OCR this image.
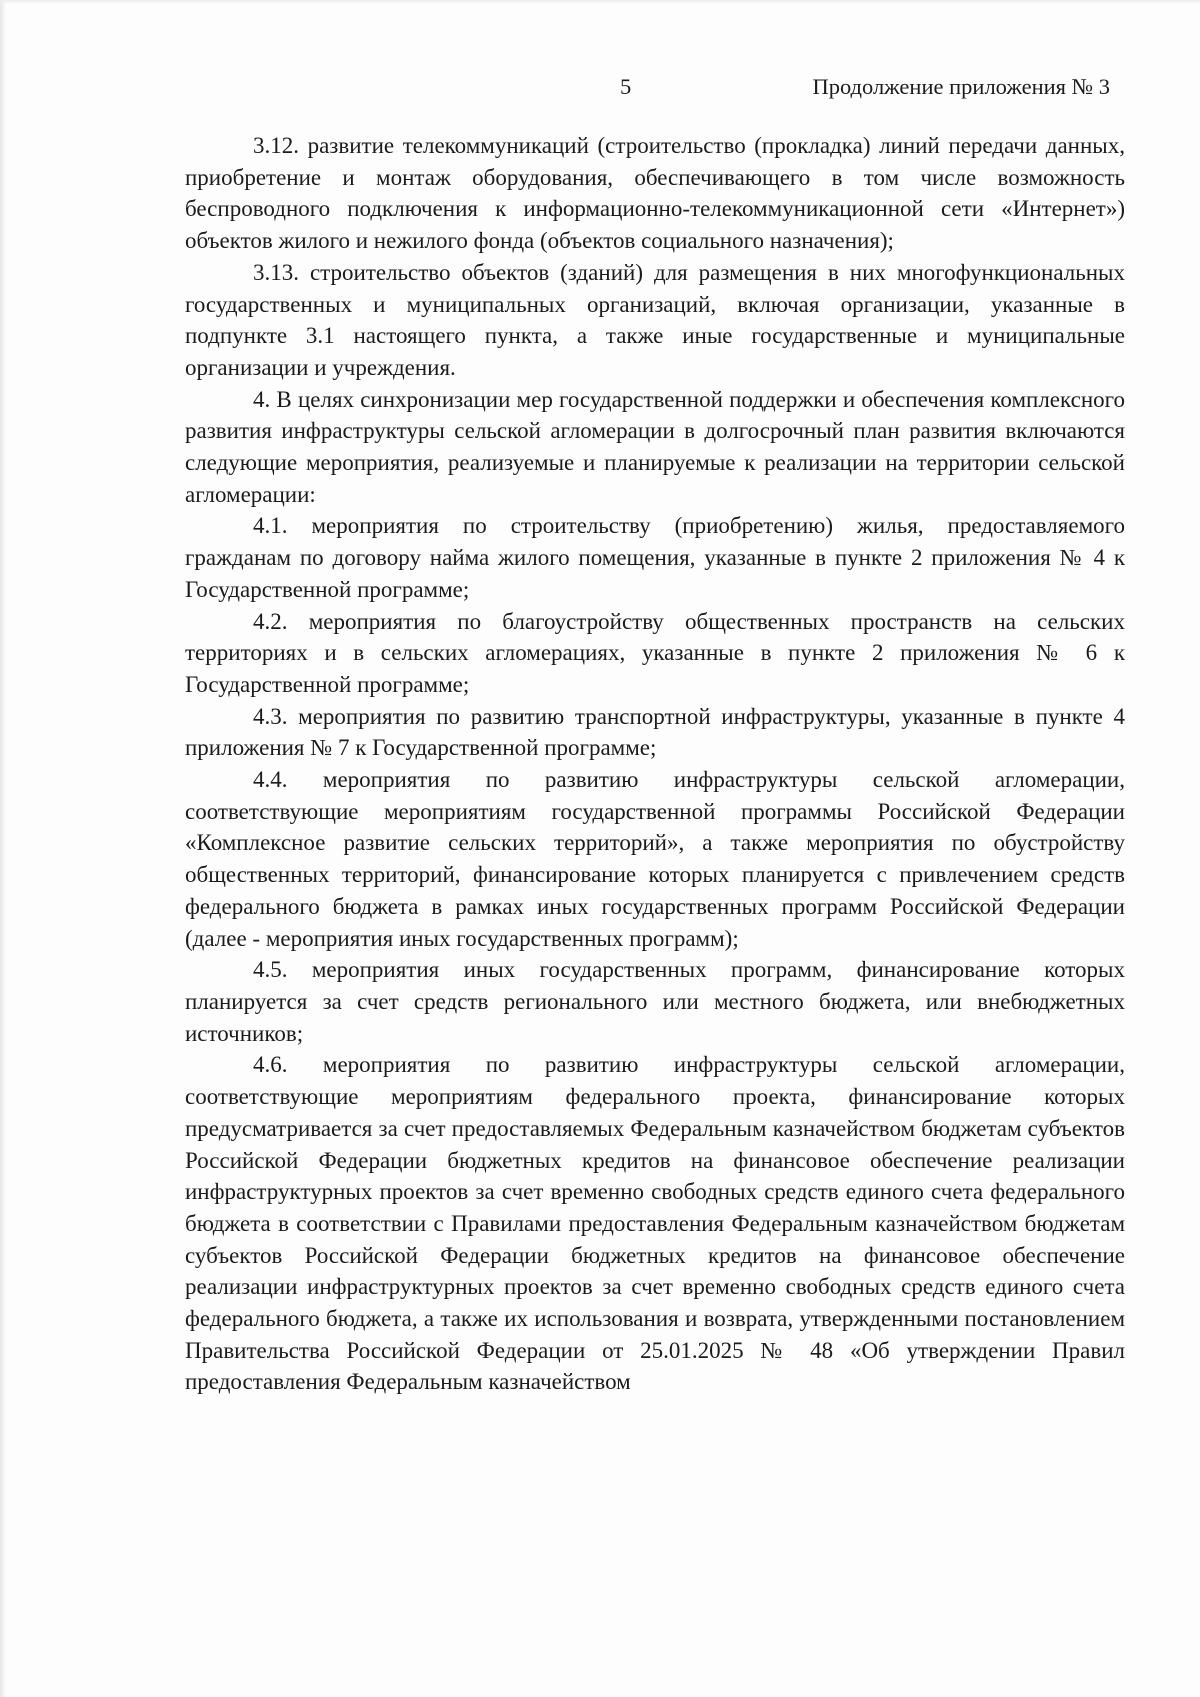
5	Продолжение приложения № 3

3.12. развитие телекоммуникаций (строительство (прокладка) линий передачи данных, приобретение и монтаж оборудования, обеспечивающего в том числе возможность беспроводного подключения к информационно-телекоммуникационной сети «Интернет») объектов жилого и нежилого фонда (объектов социального назначения);

3.13. строительство объектов (зданий) для размещения в них многофункциональных государственных и муниципальных организаций, включая организации, указанные в подпункте 3.1 настоящего пункта, а также иные государственные и муниципальные организации и учреждения.

4. В целях синхронизации мер государственной поддержки и обеспечения комплексного развития инфраструктуры сельской агломерации в долгосрочный план развития включаются следующие мероприятия, реализуемые и планируемые к реализации на территории сельской агломерации:

4.1. мероприятия по строительству (приобретению) жилья, предоставляемого гражданам по договору найма жилого помещения, указанные в пункте 2 приложения № 4 к Государственной программе;

4.2. мероприятия по благоустройству общественных пространств на сельских территориях и в сельских агломерациях, указанные в пункте 2 приложения № 6 к Государственной программе;

4.3. мероприятия по развитию транспортной инфраструктуры, указанные в пункте 4 приложения № 7 к Государственной программе;

4.4. мероприятия по развитию инфраструктуры сельской агломерации, соответствующие мероприятиям государственной программы Российской Федерации «Комплексное развитие сельских территорий», а также мероприятия по обустройству общественных территорий, финансирование которых планируется с привлечением средств федерального бюджета в рамках иных государственных программ Российской Федерации (далее - мероприятия иных государственных программ);

4.5. мероприятия иных государственных программ, финансирование которых планируется за счет средств регионального или местного бюджета, или внебюджетных источников;

4.6. мероприятия по развитию инфраструктуры сельской агломерации, соответствующие мероприятиям федерального проекта, финансирование которых предусматривается за счет предоставляемых Федеральным казначейством бюджетам субъектов Российской Федерации бюджетных кредитов на финансовое обеспечение реализации инфраструктурных проектов за счет временно свободных средств единого счета федерального бюджета в соответствии с Правилами предоставления Федеральным казначейством бюджетам субъектов Российской Федерации бюджетных кредитов на финансовое обеспечение реализации инфраструктурных проектов за счет временно свободных средств единого счета федерального бюджета, а также их использования и возврата, утвержденными постановлением Правительства Российской Федерации от 25.01.2025 № 48 «Об утверждении Правил предоставления Федеральным казначейством
